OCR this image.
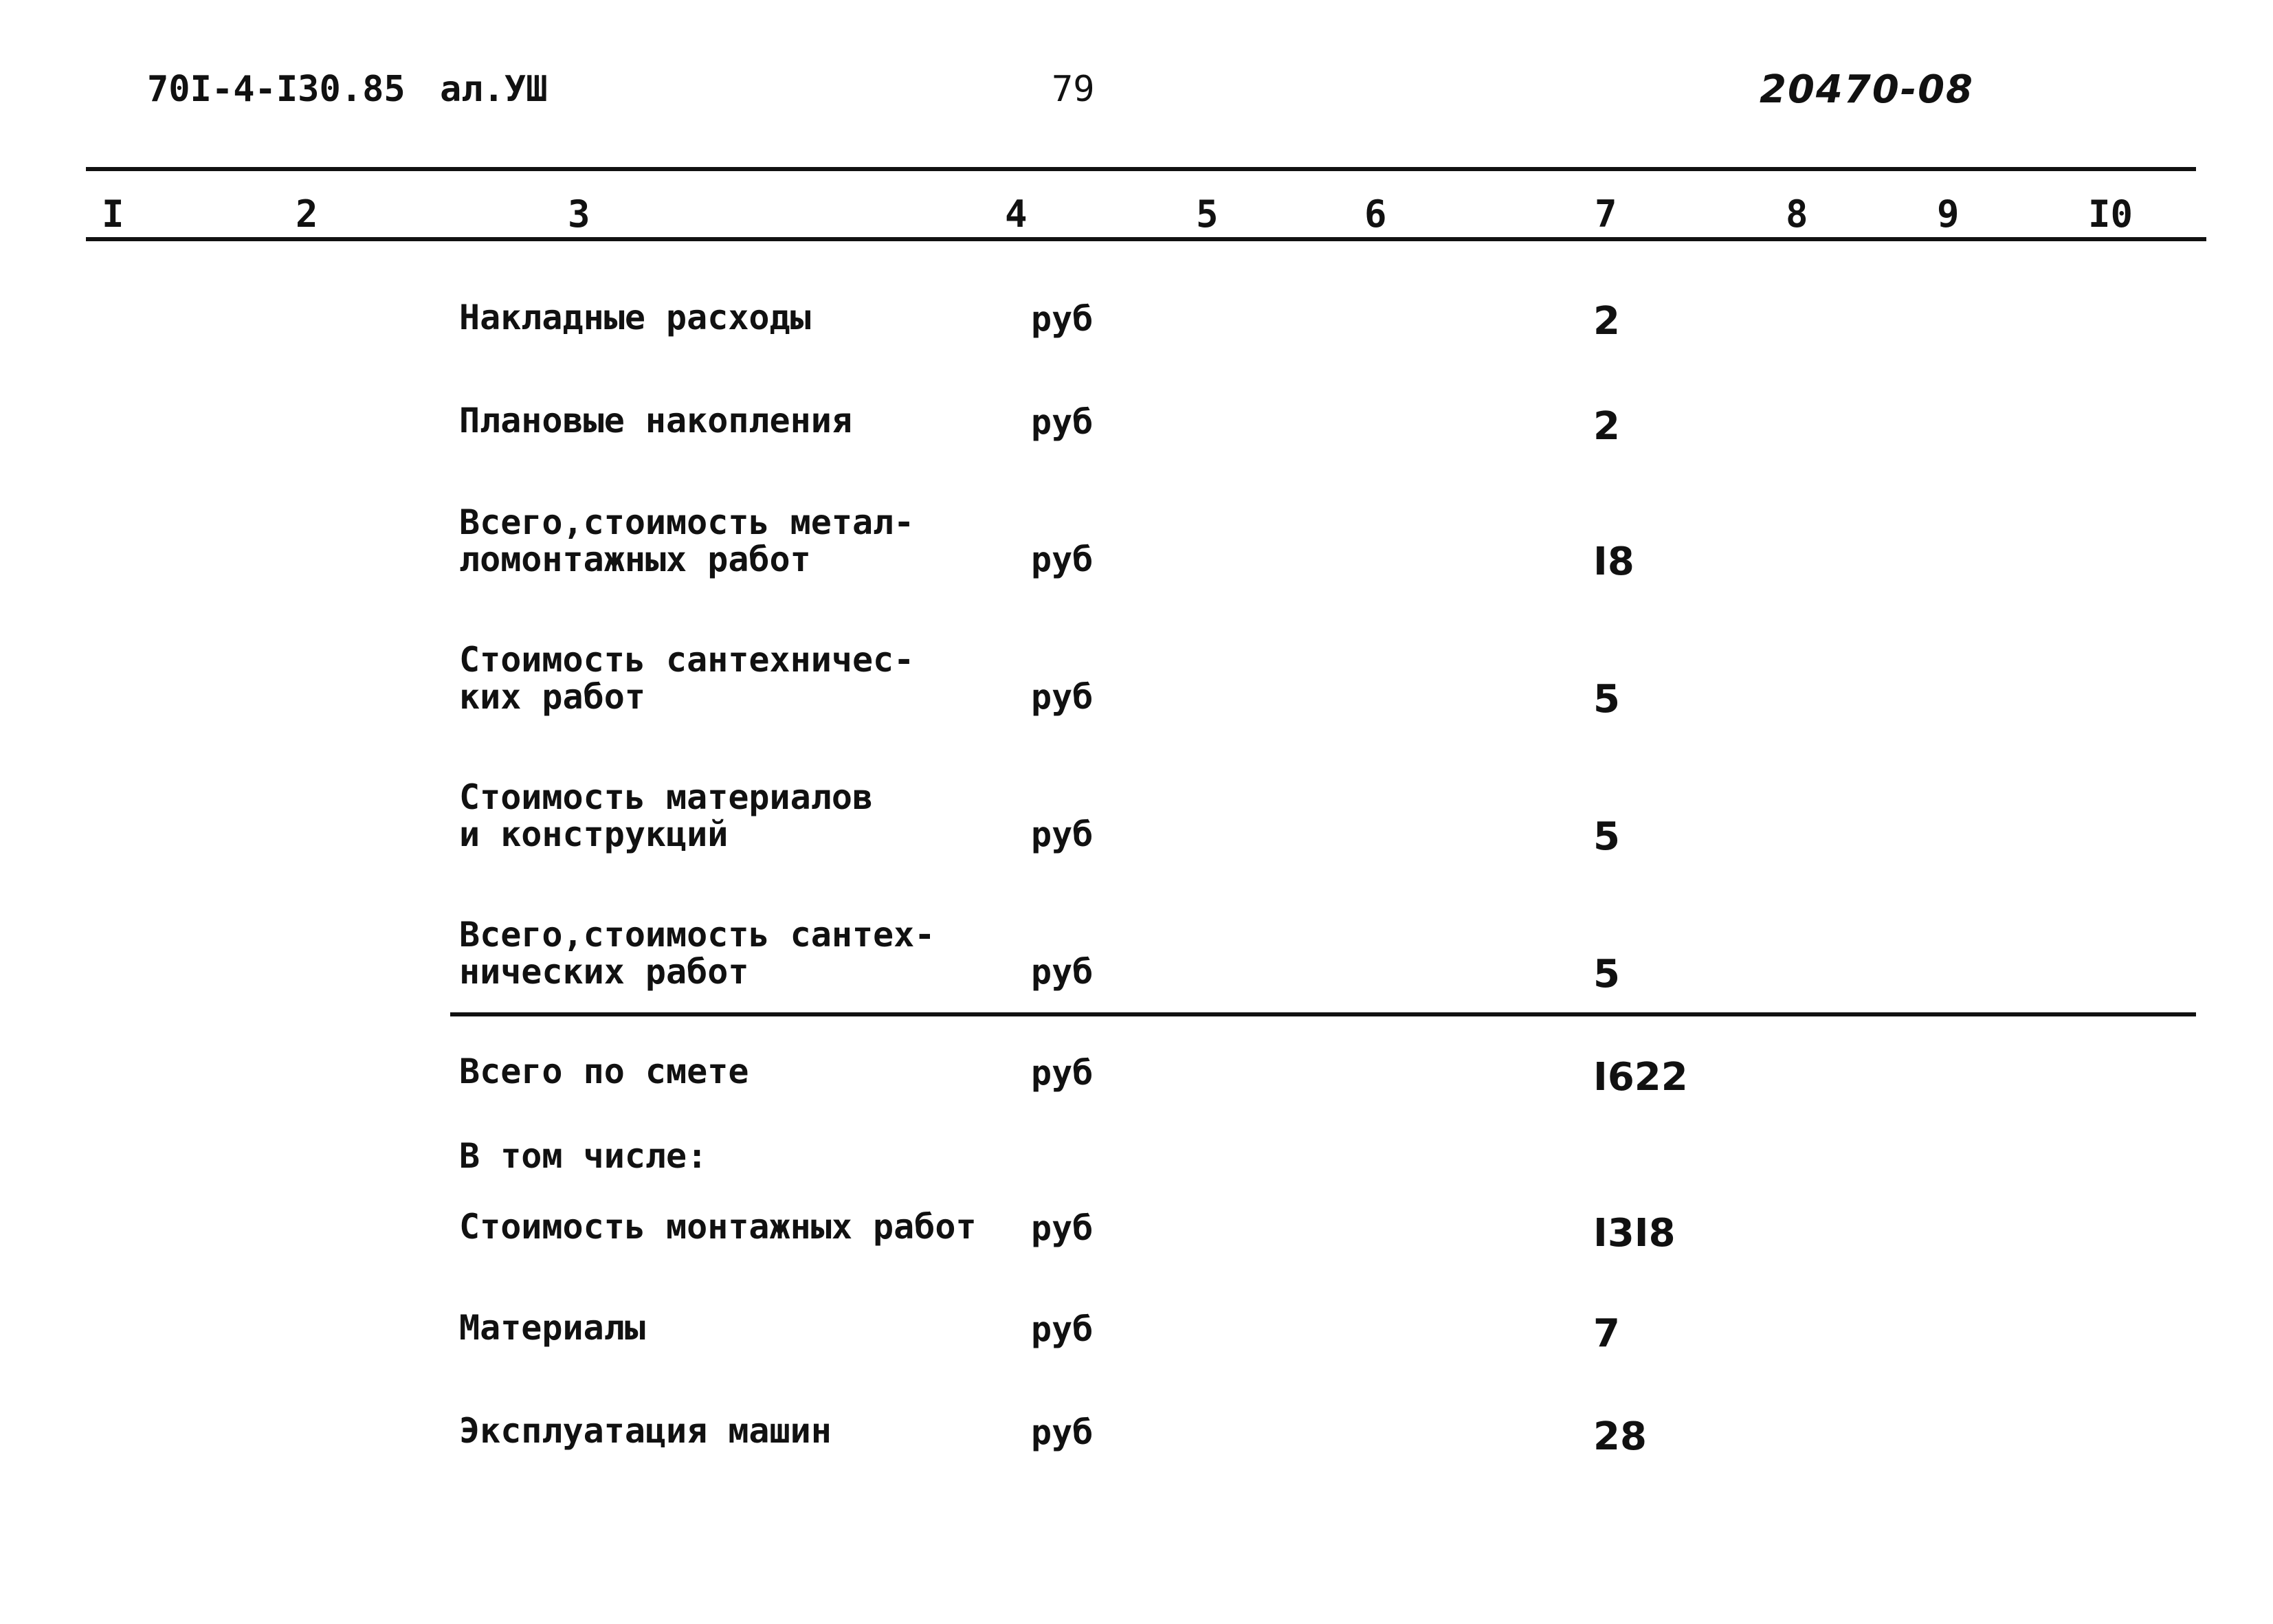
70I-4-I30.85 ал.УШ	79	20470-08
I	2	3	4	5	6	7	8	9	I0
Накладные расходы	руб	2
Плановые накопления	руб	2
Всего,стоимость метал-
ломонтажных работ	руб	I8
Стоимость сантехничес-
ких работ	руб	5
Стоимость материалов
и конструкций	руб	5
Всего,стоимость сантех-
нических работ	руб	5
Всего по смете	руб	I622
В том числе:
Стоимость монтажных работ руб	I3I8
Материалы	руб	7
Эксплуатация машин	руб	28
